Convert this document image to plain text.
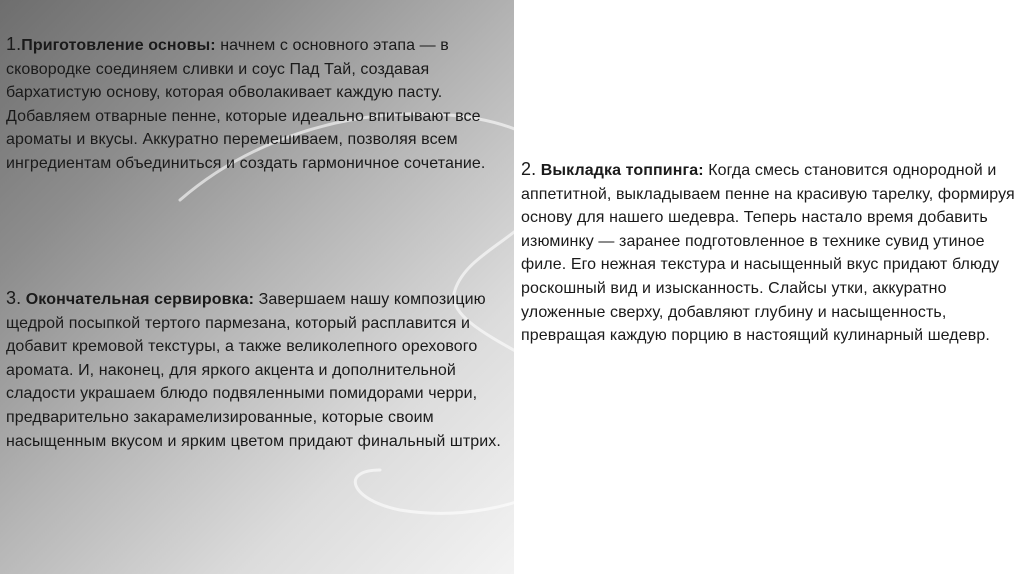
1.Приготовление основы: начнем с основного этапа — в сковородке соединяем сливки и соус Пад Тай, создавая бархатистую основу, которая обволакивает каждую пасту. Добавляем отварные пенне, которые идеально впитывают все ароматы и вкусы. Аккуратно перемешиваем, позволяя всем ингредиентам объединиться и создать гармоничное сочетание.	2. Выкладка топпинга: Когда смесь становится однородной и аппетитной, выкладываем пенне на красивую тарелку, формируя основу для нашего шедевра. Теперь настало время добавить изюминку — заранее подготовленное в технике сувид утиное филе. Его нежная текстура и насыщенный вкус придают блюду роскошный вид и изысканность. Слайсы утки, аккуратно уложенные сверху, добавляют глубину и насыщенность, превращая каждую порцию в настоящий кулинарный шедевр.
3. Окончательная сервировка: Завершаем нашу композицию щедрой посыпкой тертого пармезана, который расплавится и добавит кремовой текстуры, а также великолепного орехового аромата. И, наконец, для яркого акцента и дополнительной сладости украшаем блюдо подвяленными помидорами черри, предварительно закарамелизированные, которые своим насыщенным вкусом и ярким цветом придают финальный штрих.
